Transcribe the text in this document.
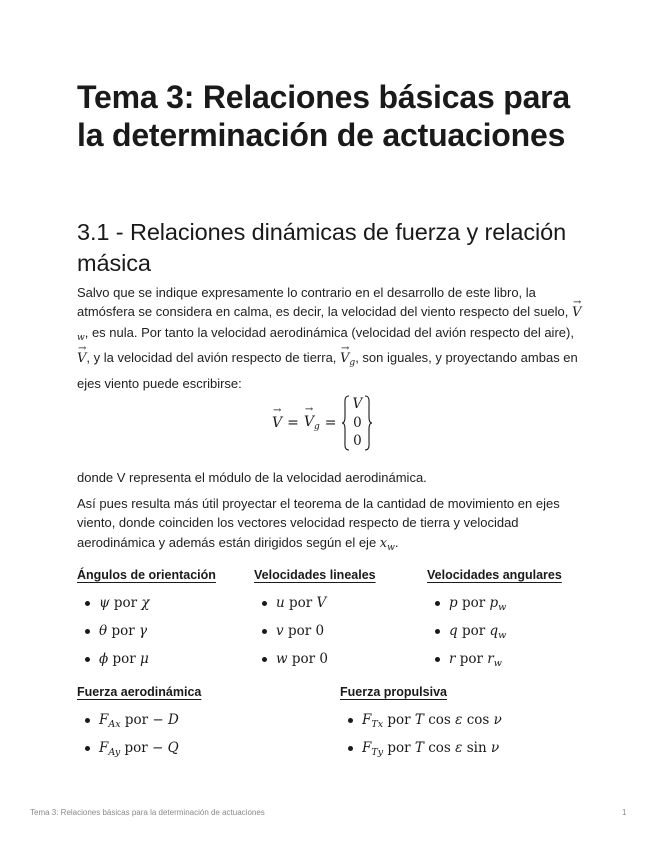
Tema 3: Relaciones básicas para la determinación de actuaciones
3.1 - Relaciones dinámicas de fuerza y relación másica

Salvo que se indique expresamente lo contrario en el desarrollo de este libro, la atmósfera se considera en calma, es decir, la velocidad del viento respecto del suelo, → $V_w$, es nula. Por tanto la velocidad aerodinámica (velocidad del avión respecto del aire), → V, y la velocidad del avión respecto de tierra, → $V_g$, son iguales, y proyectando ambas en ejes viento puede escribirse:

→ V =
→ $V_g$ =
V
0
0

donde V representa el módulo de la velocidad aerodinámica.

Así pues resulta más útil proyectar el teorema de la cantidad de movimiento en ejes viento, donde coinciden los vectores velocidad respecto de tierra y velocidad aerodinámica y además están dirigidos según el eje $x_w$.

Ángulos de orientación
ψ por χ
θ por γ
ϕ por μ
Velocidades lineales
u por V
v por 0
w por 0
Velocidades angulares
p por $p_w$
q por $q_w$
r por $r_w$
Fuerza aerodinámica
$F_{Ax}$ por − D
$F_{Ay}$ por − Q
Fuerza propulsiva
$F_{Tx}$ por T cos ε cos ν
$F_{Ty}$ por T cos ε sin ν
Tema 3: Relaciones básicas para la determinación de actuaciones	1
